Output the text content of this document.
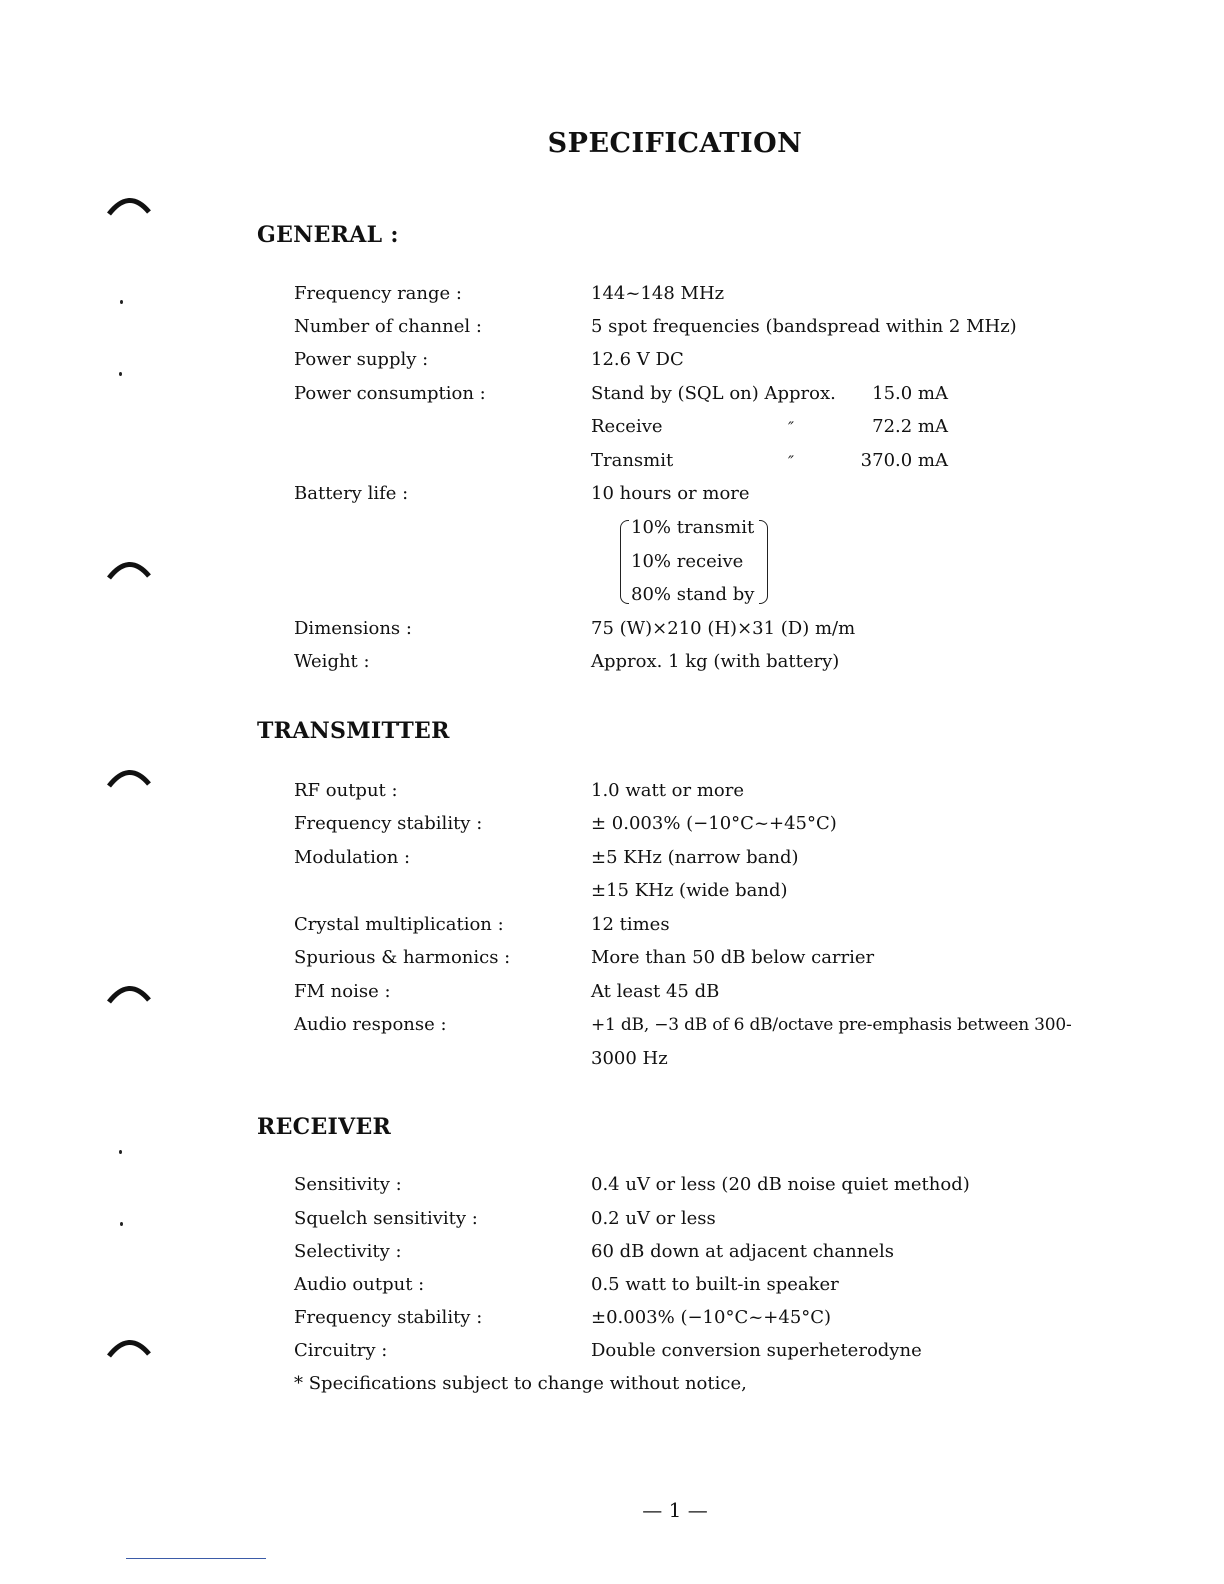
SPECIFICATION
GENERAL :
Frequency range :	144~148 MHz
Number of channel :	5 spot frequencies (bandspread within 2 MHz)
Power supply :	12.6 V DC
Power consumption :	Stand by (SQL on) Approx.	15.0 mA
Receive	″	72.2 mA
Transmit	″	370.0 mA
Battery life :	10 hours or more
10% transmit
10% receive
80% stand by
Dimensions :	75 (W)×210 (H)×31 (D) m/m
Weight :	Approx. 1 kg (with battery)
TRANSMITTER
RF output :	1.0 watt or more
Frequency stability :	± 0.003% (−10°C~+45°C)
Modulation :	±5 KHz (narrow band)
±15 KHz (wide band)
Crystal multiplication :	12 times
Spurious & harmonics :	More than 50 dB below carrier
FM noise :	At least 45 dB
Audio response :	+1 dB, −3 dB of 6 dB/octave pre-emphasis between 300-
3000 Hz
RECEIVER
Sensitivity :	0.4 uV or less (20 dB noise quiet method)
Squelch sensitivity :	0.2 uV or less
Selectivity :	60 dB down at adjacent channels
Audio output :	0.5 watt to built-in speaker
Frequency stability :	±0.003% (−10°C~+45°C)
Circuitry :	Double conversion superheterodyne
* Specifications subject to change without notice,
— 1 —
